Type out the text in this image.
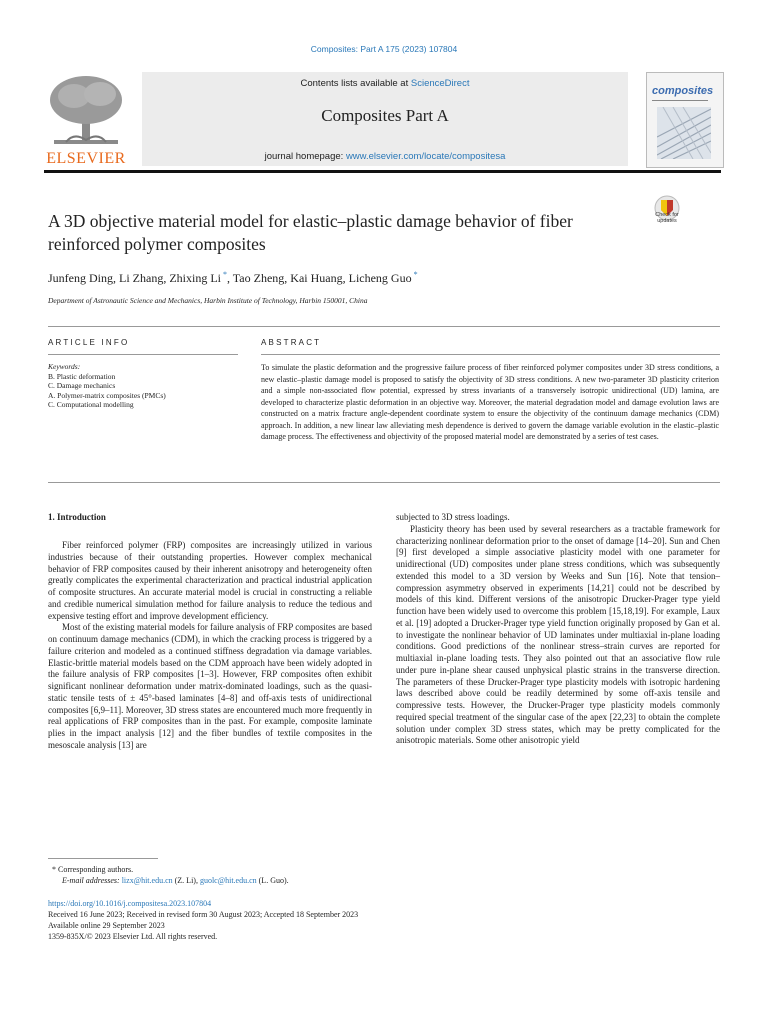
Composites: Part A 175 (2023) 107804
ELSEVIER
Contents lists available at ScienceDirect
Composites Part A
journal homepage: www.elsevier.com/locate/compositesa
composites
A 3D objective material model for elastic–plastic damage behavior of fiber
reinforced polymer composites
Check for updates
Junfeng Ding, Li Zhang, Zhixing Li *, Tao Zheng, Kai Huang, Licheng Guo *
Department of Astronautic Science and Mechanics, Harbin Institute of Technology, Harbin 150001, China
ARTICLE INFO	ABSTRACT
Keywords:
B. Plastic deformation
C. Damage mechanics
A. Polymer-matrix composites (PMCs)
C. Computational modelling
To simulate the plastic deformation and the progressive failure process of fiber reinforced polymer composites under 3D stress conditions, a new elastic–plastic damage model is proposed to satisfy the objectivity of 3D stress conditions. A new two-parameter 3D plasticity criterion and a simple non-associated flow potential, expressed by stress invariants of a transversely isotropic unidirectional (UD) lamina, are developed to characterize plastic deformation in an objective way. Moreover, the material degradation model and damage evolution laws are constructed on a matrix fracture angle-dependent coordinate system to ensure the objectivity of the continuum damage mechanics (CDM) approach. In addition, a new linear law alleviating mesh dependence is derived to govern the damage variable evolution in the elastic–plastic damage process. The effectiveness and objectivity of the proposed material model are demonstrated by a series of test cases.
1. Introduction

Fiber reinforced polymer (FRP) composites are increasingly utilized in various industries because of their outstanding properties. However complex mechanical behavior of FRP composites caused by their inherent anisotropy and heterogeneity often greatly complicates the experimental characterization and practical industrial application of composite structures. An accurate material model is crucial in constructing a reliable and credible numerical simulation method for failure analysis to reduce the tedious and expensive testing effort and improve development efficiency.

Most of the existing material models for failure analysis of FRP composites are based on continuum damage mechanics (CDM), in which the cracking process is triggered by a failure criterion and modeled as a continued stiffness degradation via damage variables. Elastic-brittle material models based on the CDM approach have been widely adopted in the failure analysis of FRP composites [1–3]. However, FRP composites often exhibit significant nonlinear deformation under matrix-dominated loadings, such as the quasi-static tensile tests of ± 45°-based laminates [4–8] and off-axis tests of unidirectional composites [6,9–11]. Moreover, 3D stress states are encountered much more frequently in real applications of FRP composites than in the past. For example, composite laminate plies in the impact analysis [12] and the fiber bundles of textile composites in the mesoscale analysis [13] are

subjected to 3D stress loadings.

Plasticity theory has been used by several researchers as a tractable framework for characterizing nonlinear deformation prior to the onset of damage [14–20]. Sun and Chen [9] first developed a simple associative plasticity model with one parameter for unidirectional (UD) composites under plane stress conditions, which was subsequently extended this model to a 3D version by Weeks and Sun [16]. Note that tension–compression asymmetry observed in experiments [14,21] could not be described by models of this kind. Different versions of the anisotropic Drucker-Prager type yield function have been widely used to overcome this problem [15,18,19]. For example, Laux et al. [19] adopted a Drucker-Prager type yield function originally proposed by Gan et al. to investigate the nonlinear behavior of UD laminates under multiaxial in-plane loading conditions. Good predictions of the nonlinear stress–strain curves are reported for multiaxial in-plane loading tests. They also pointed out that an associative flow rule under pure in-plane shear caused unphysical plastic strains in the transverse direction. The parameters of these Drucker-Prager type plasticity models with isotropic hardening laws described above could be readily determined by some off-axis tensile and compressive tests. However, the Drucker-Prager type plasticity models commonly required special treatment of the singular case of the apex [22,23] to obtain the complete solution under complex 3D stress states, which may be pretty complicated for the anisotropic materials. Some other anisotropic yield

* Corresponding authors.
E-mail addresses: lizx@hit.edu.cn (Z. Li), guolc@hit.edu.cn (L. Guo).
https://doi.org/10.1016/j.compositesa.2023.107804
Received 16 June 2023; Received in revised form 30 August 2023; Accepted 18 September 2023
Available online 29 September 2023
1359-835X/© 2023 Elsevier Ltd. All rights reserved.
